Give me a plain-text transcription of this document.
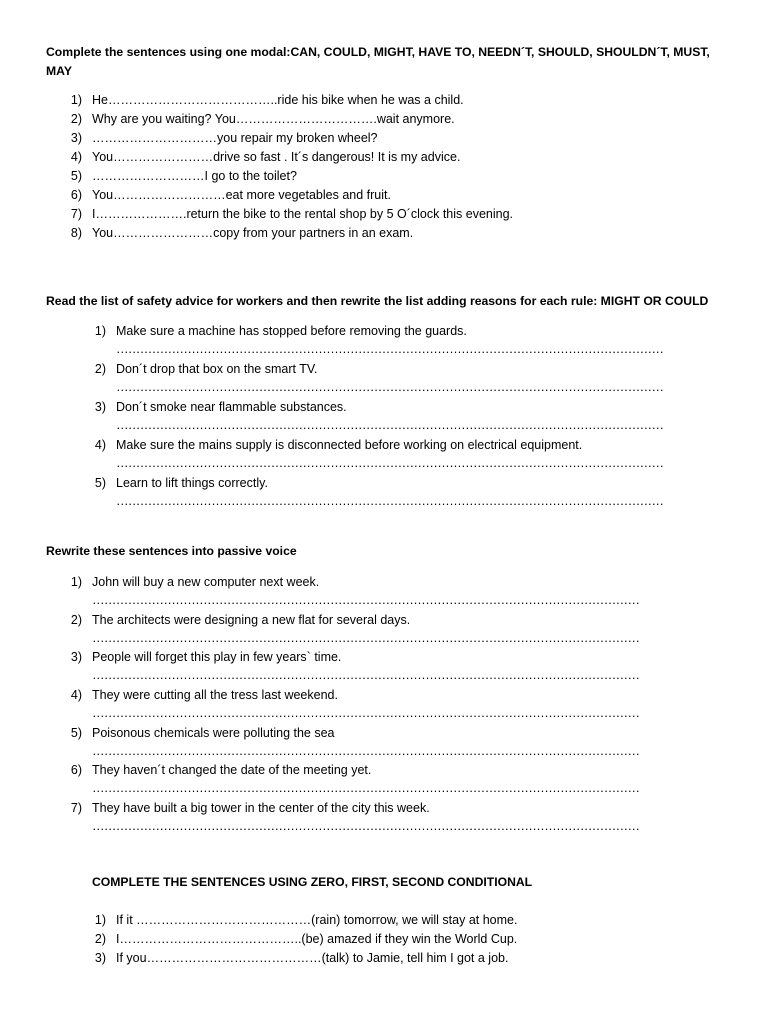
Complete the sentences using one modal:CAN, COULD, MIGHT, HAVE TO, NEEDN´T, SHOULD, SHOULDN´T, MUST, MAY
1) He…………………………………..ride his bike when he was a child.
2) Why are you waiting? You…………………………….wait anymore.
3) …………………………you repair my broken wheel?
4) You……………………drive so fast . It´s dangerous! It is my advice.
5) ………………………I go to the toilet?
6) You………………………eat more vegetables and fruit.
7) I………………….return the bike to the rental shop by 5 O´clock this evening.
8) You……………………copy from your partners in an exam.
Read the list of safety advice for workers and then rewrite the list adding reasons for each rule: MIGHT OR COULD
1) Make sure a machine has stopped before removing the guards.
…………………………………………………………………………………………………………………………
2) Don´t drop that box on the smart TV.
…………………………………………………………………………………………………………………………
3) Don´t smoke near flammable substances.
…………………………………………………………………………………………………………………………
4) Make sure the mains supply is disconnected before working on electrical equipment.
…………………………………………………………………………………………………………………………
5) Learn to lift things correctly.
…………………………………………………………………………………………………………………………
Rewrite these sentences into passive voice
1) John will buy a new computer next week.
…………………………………………………………………………………………………………………………
2) The architects were designing a new flat for several days.
…………………………………………………………………………………………………………………………
3) People will forget this play in few years` time.
…………………………………………………………………………………………………………………………
4) They were cutting all the tress last weekend.
…………………………………………………………………………………………………………………………
5) Poisonous chemicals were polluting the sea
…………………………………………………………………………………………………………………………
6) They haven´t changed the date of the meeting yet.
…………………………………………………………………………………………………………………………
7) They have built a big tower in the center of the city this week.
…………………………………………………………………………………………………………………………
COMPLETE THE SENTENCES USING ZERO, FIRST, SECOND CONDITIONAL
1) If it ……………………………………(rain) tomorrow, we will stay at home.
2) I……………………………………..(be) amazed if they win the World Cup.
3) If you……………………………………(talk) to Jamie, tell him I got a job.
